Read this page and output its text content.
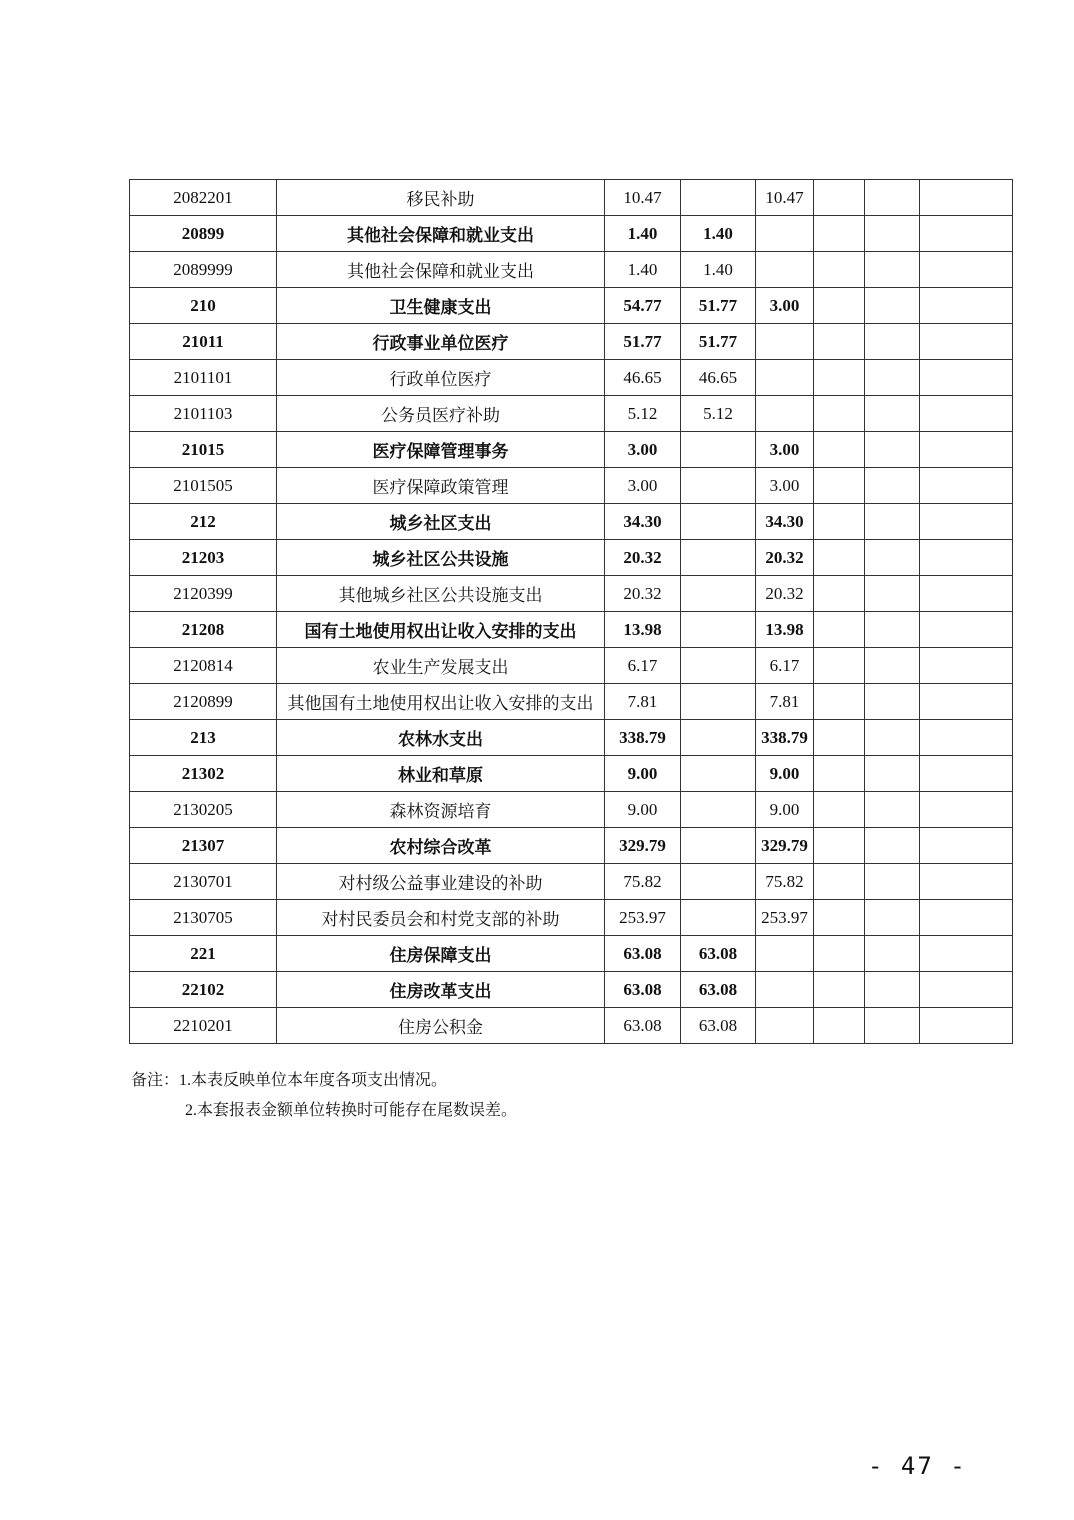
2082201	移民补助	10.47		10.47			
20899	其他社会保障和就业支出	1.40	1.40				
2089999	其他社会保障和就业支出	1.40	1.40				
210	卫生健康支出	54.77	51.77	3.00			
21011	行政事业单位医疗	51.77	51.77				
2101101	行政单位医疗	46.65	46.65				
2101103	公务员医疗补助	5.12	5.12				
21015	医疗保障管理事务	3.00		3.00			
2101505	医疗保障政策管理	3.00		3.00			
212	城乡社区支出	34.30		34.30			
21203	城乡社区公共设施	20.32		20.32			
2120399	其他城乡社区公共设施支出	20.32		20.32			
21208	国有土地使用权出让收入安排的支出	13.98		13.98			
2120814	农业生产发展支出	6.17		6.17			
2120899	其他国有土地使用权出让收入安排的支出	7.81		7.81			
213	农林水支出	338.79		338.79			
21302	林业和草原	9.00		9.00			
2130205	森林资源培育	9.00		9.00			
21307	农村综合改革	329.79		329.79			
2130701	对村级公益事业建设的补助	75.82		75.82			
2130705	对村民委员会和村党支部的补助	253.97		253.97			
221	住房保障支出	63.08	63.08				
22102	住房改革支出	63.08	63.08				
2210201	住房公积金	63.08	63.08				
备注：1.本表反映单位本年度各项支出情况。
2.本套报表金额单位转换时可能存在尾数误差。
- 47 -
